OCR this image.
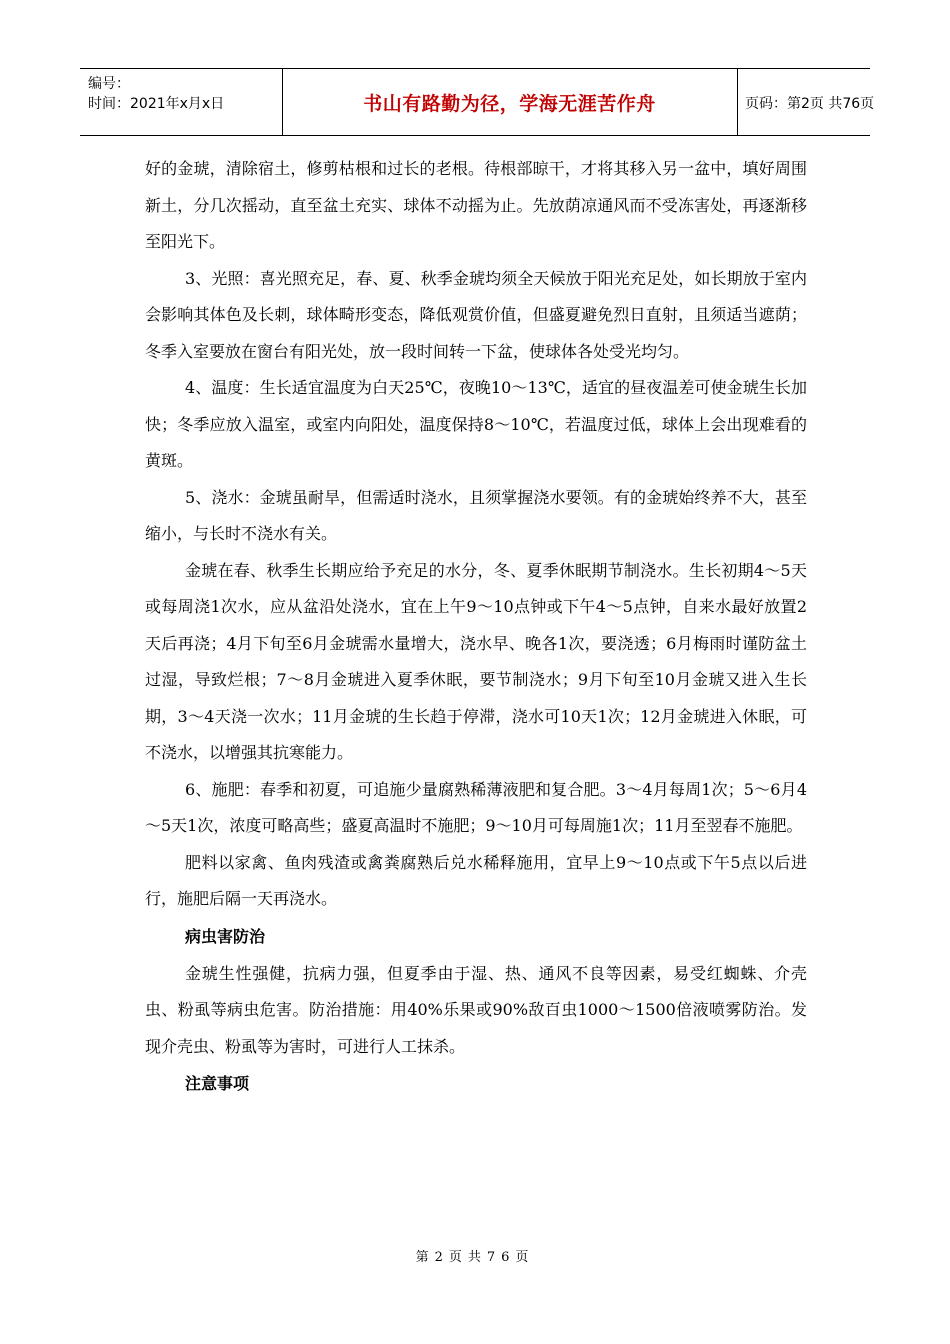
编号：
时间：2021年x月x日	书山有路勤为径，学海无涯苦作舟	页码：第2页 共76页

好的金琥，清除宿土，修剪枯根和过长的老根。待根部晾干，才将其移入另一盆中，填好周围新土，分几次摇动，直至盆土充实、球体不动摇为止。先放荫凉通风而不受冻害处，再逐渐移至阳光下。

3、光照：喜光照充足，春、夏、秋季金琥均须全天候放于阳光充足处，如长期放于室内会影响其体色及长刺，球体畸形变态，降低观赏价值，但盛夏避免烈日直射，且须适当遮荫；冬季入室要放在窗台有阳光处，放一段时间转一下盆，使球体各处受光均匀。

4、温度：生长适宜温度为白天25℃，夜晚10～13℃，适宜的昼夜温差可使金琥生长加快；冬季应放入温室，或室内向阳处，温度保持8～10℃，若温度过低，球体上会出现难看的黄斑。

5、浇水：金琥虽耐旱，但需适时浇水，且须掌握浇水要领。有的金琥始终养不大，甚至缩小，与长时不浇水有关。

金琥在春、秋季生长期应给予充足的水分，冬、夏季休眠期节制浇水。生长初期4～5天或每周浇1次水，应从盆沿处浇水，宜在上午9～10点钟或下午4～5点钟，自来水最好放置2天后再浇；4月下旬至6月金琥需水量增大，浇水早、晚各1次，要浇透；6月梅雨时谨防盆土过湿，导致烂根；7～8月金琥进入夏季休眠，要节制浇水；9月下旬至10月金琥又进入生长期，3～4天浇一次水；11月金琥的生长趋于停滞，浇水可10天1次；12月金琥进入休眠，可不浇水，以增强其抗寒能力。

6、施肥：春季和初夏，可追施少量腐熟稀薄液肥和复合肥。3～4月每周1次；5～6月4～5天1次，浓度可略高些；盛夏高温时不施肥；9～10月可每周施1次；11月至翌春不施肥。

肥料以家禽、鱼肉残渣或禽粪腐熟后兑水稀释施用，宜早上9～10点或下午5点以后进行，施肥后隔一天再浇水。

病虫害防治

金琥生性强健，抗病力强，但夏季由于湿、热、通风不良等因素，易受红蜘蛛、介壳虫、粉虱等病虫危害。防治措施：用40%乐果或90%敌百虫1000～1500倍液喷雾防治。发现介壳虫、粉虱等为害时，可进行人工抹杀。

注意事项

第2页共76页
